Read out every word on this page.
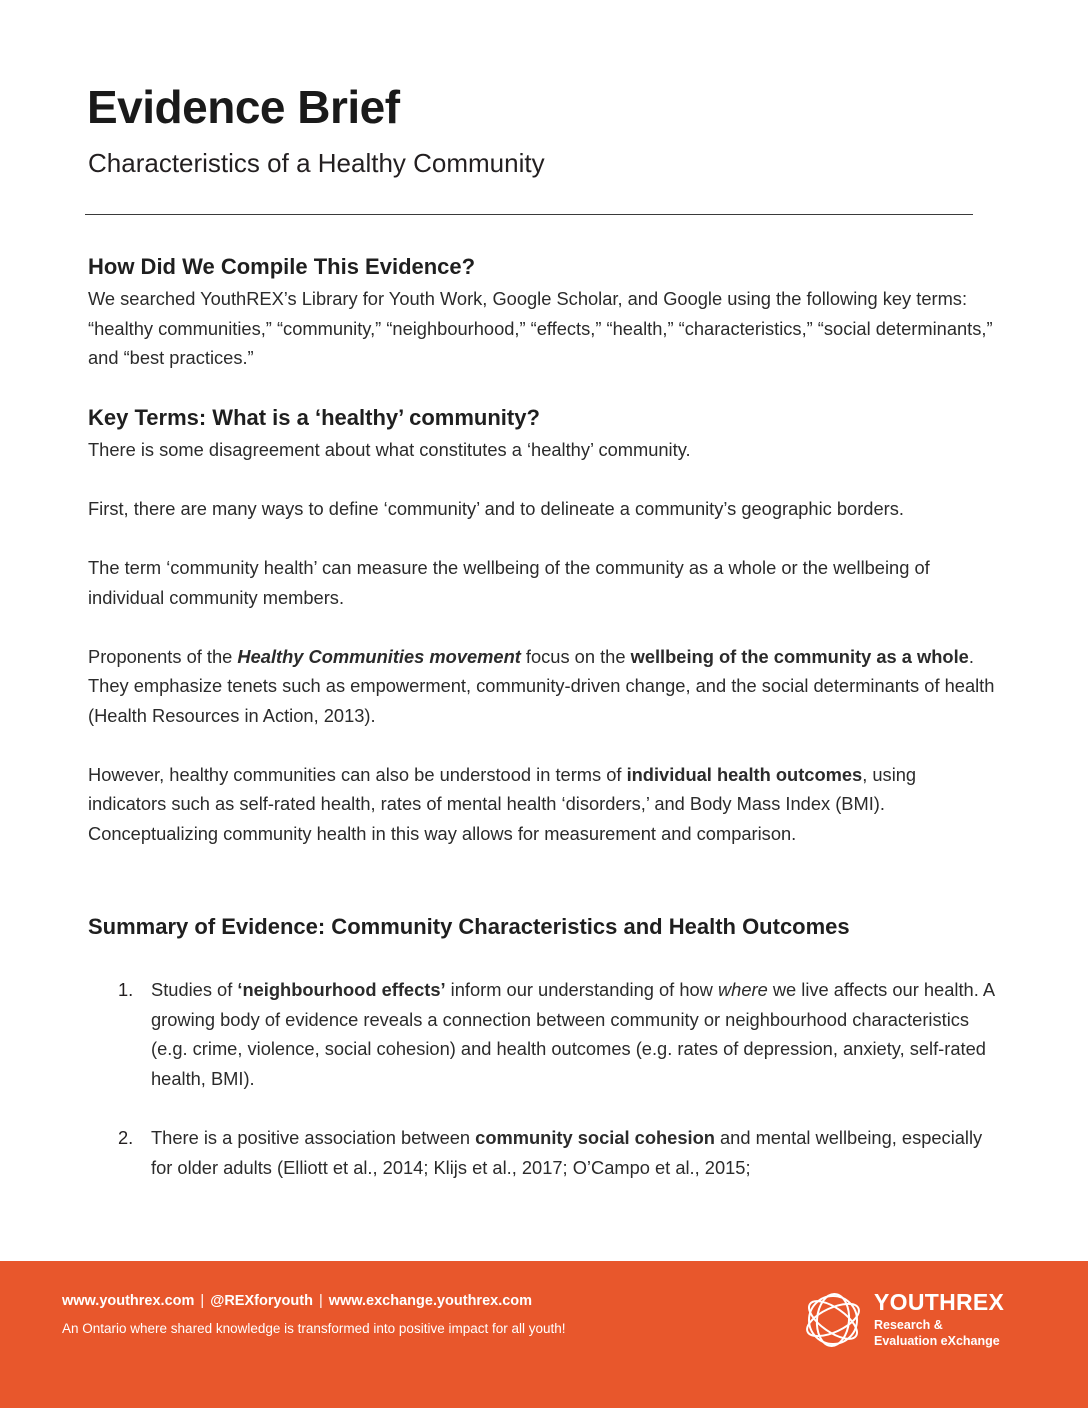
Evidence Brief
Characteristics of a Healthy Community
How Did We Compile This Evidence?

We searched YouthREX’s Library for Youth Work, Google Scholar, and Google using the following key terms: “healthy communities,” “community,” “neighbourhood,” “effects,” “health,” “characteristics,” “social determinants,” and “best practices.”

Key Terms: What is a ‘healthy’ community?

There is some disagreement about what constitutes a ‘healthy’ community.

First, there are many ways to define ‘community’ and to delineate a community’s geographic borders.

The term ‘community health’ can measure the wellbeing of the community as a whole or the wellbeing of individual community members.

Proponents of the Healthy Communities movement focus on the wellbeing of the community as a whole. They emphasize tenets such as empowerment, community-driven change, and the social determinants of health (Health Resources in Action, 2013).

However, healthy communities can also be understood in terms of individual health outcomes, using indicators such as self-rated health, rates of mental health ‘disorders,’ and Body Mass Index (BMI). Conceptualizing community health in this way allows for measurement and comparison.

Summary of Evidence: Community Characteristics and Health Outcomes
1. Studies of ‘neighbourhood effects’ inform our understanding of how where we live affects our health. A growing body of evidence reveals a connection between community or neighbourhood characteristics (e.g. crime, violence, social cohesion) and health outcomes (e.g. rates of depression, anxiety, self-rated health, BMI).

2. There is a positive association between community social cohesion and mental wellbeing, especially for older adults (Elliott et al., 2014; Klijs et al., 2017; O’Campo et al., 2015;

www.youthrex.com | @REXforyouth | www.exchange.youthrex.com
An Ontario where shared knowledge is transformed into positive impact for all youth!
YOUTHREX
Research &
Evaluation eXchange
